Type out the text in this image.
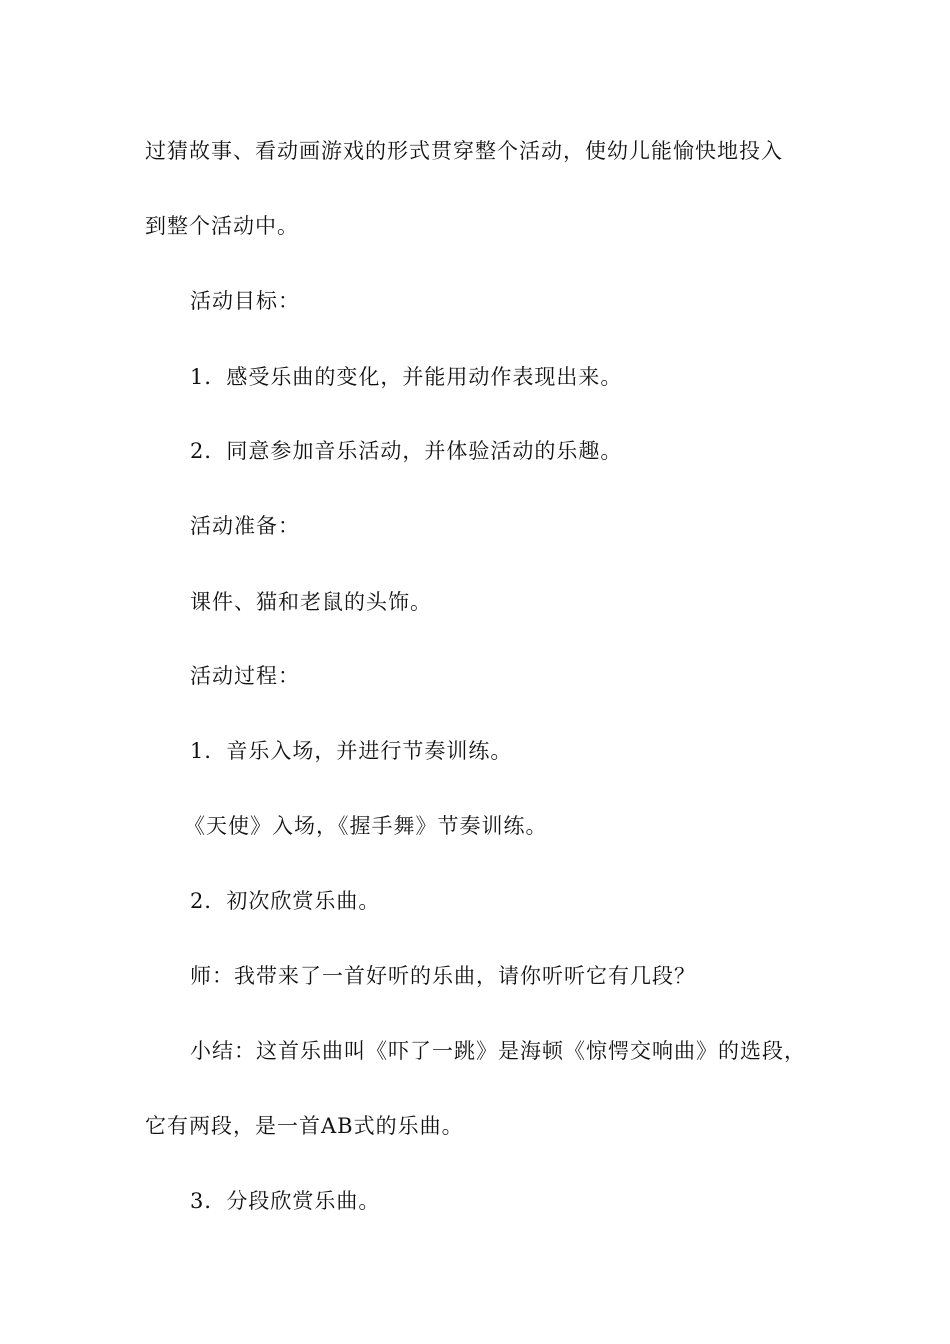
过猜故事、看动画游戏的形式贯穿整个活动，使幼儿能愉快地投入
到整个活动中。
活动目标：
1．感受乐曲的变化，并能用动作表现出来。
2．同意参加音乐活动，并体验活动的乐趣。
活动准备：
课件、猫和老鼠的头饰。
活动过程：
1．音乐入场，并进行节奏训练。
《天使》入场，《握手舞》节奏训练。
2．初次欣赏乐曲。
师：我带来了一首好听的乐曲，请你听听它有几段？
小结：这首乐曲叫《吓了一跳》是海顿《惊愕交响曲》的选段，
它有两段，是一首AB式的乐曲。
3．分段欣赏乐曲。
